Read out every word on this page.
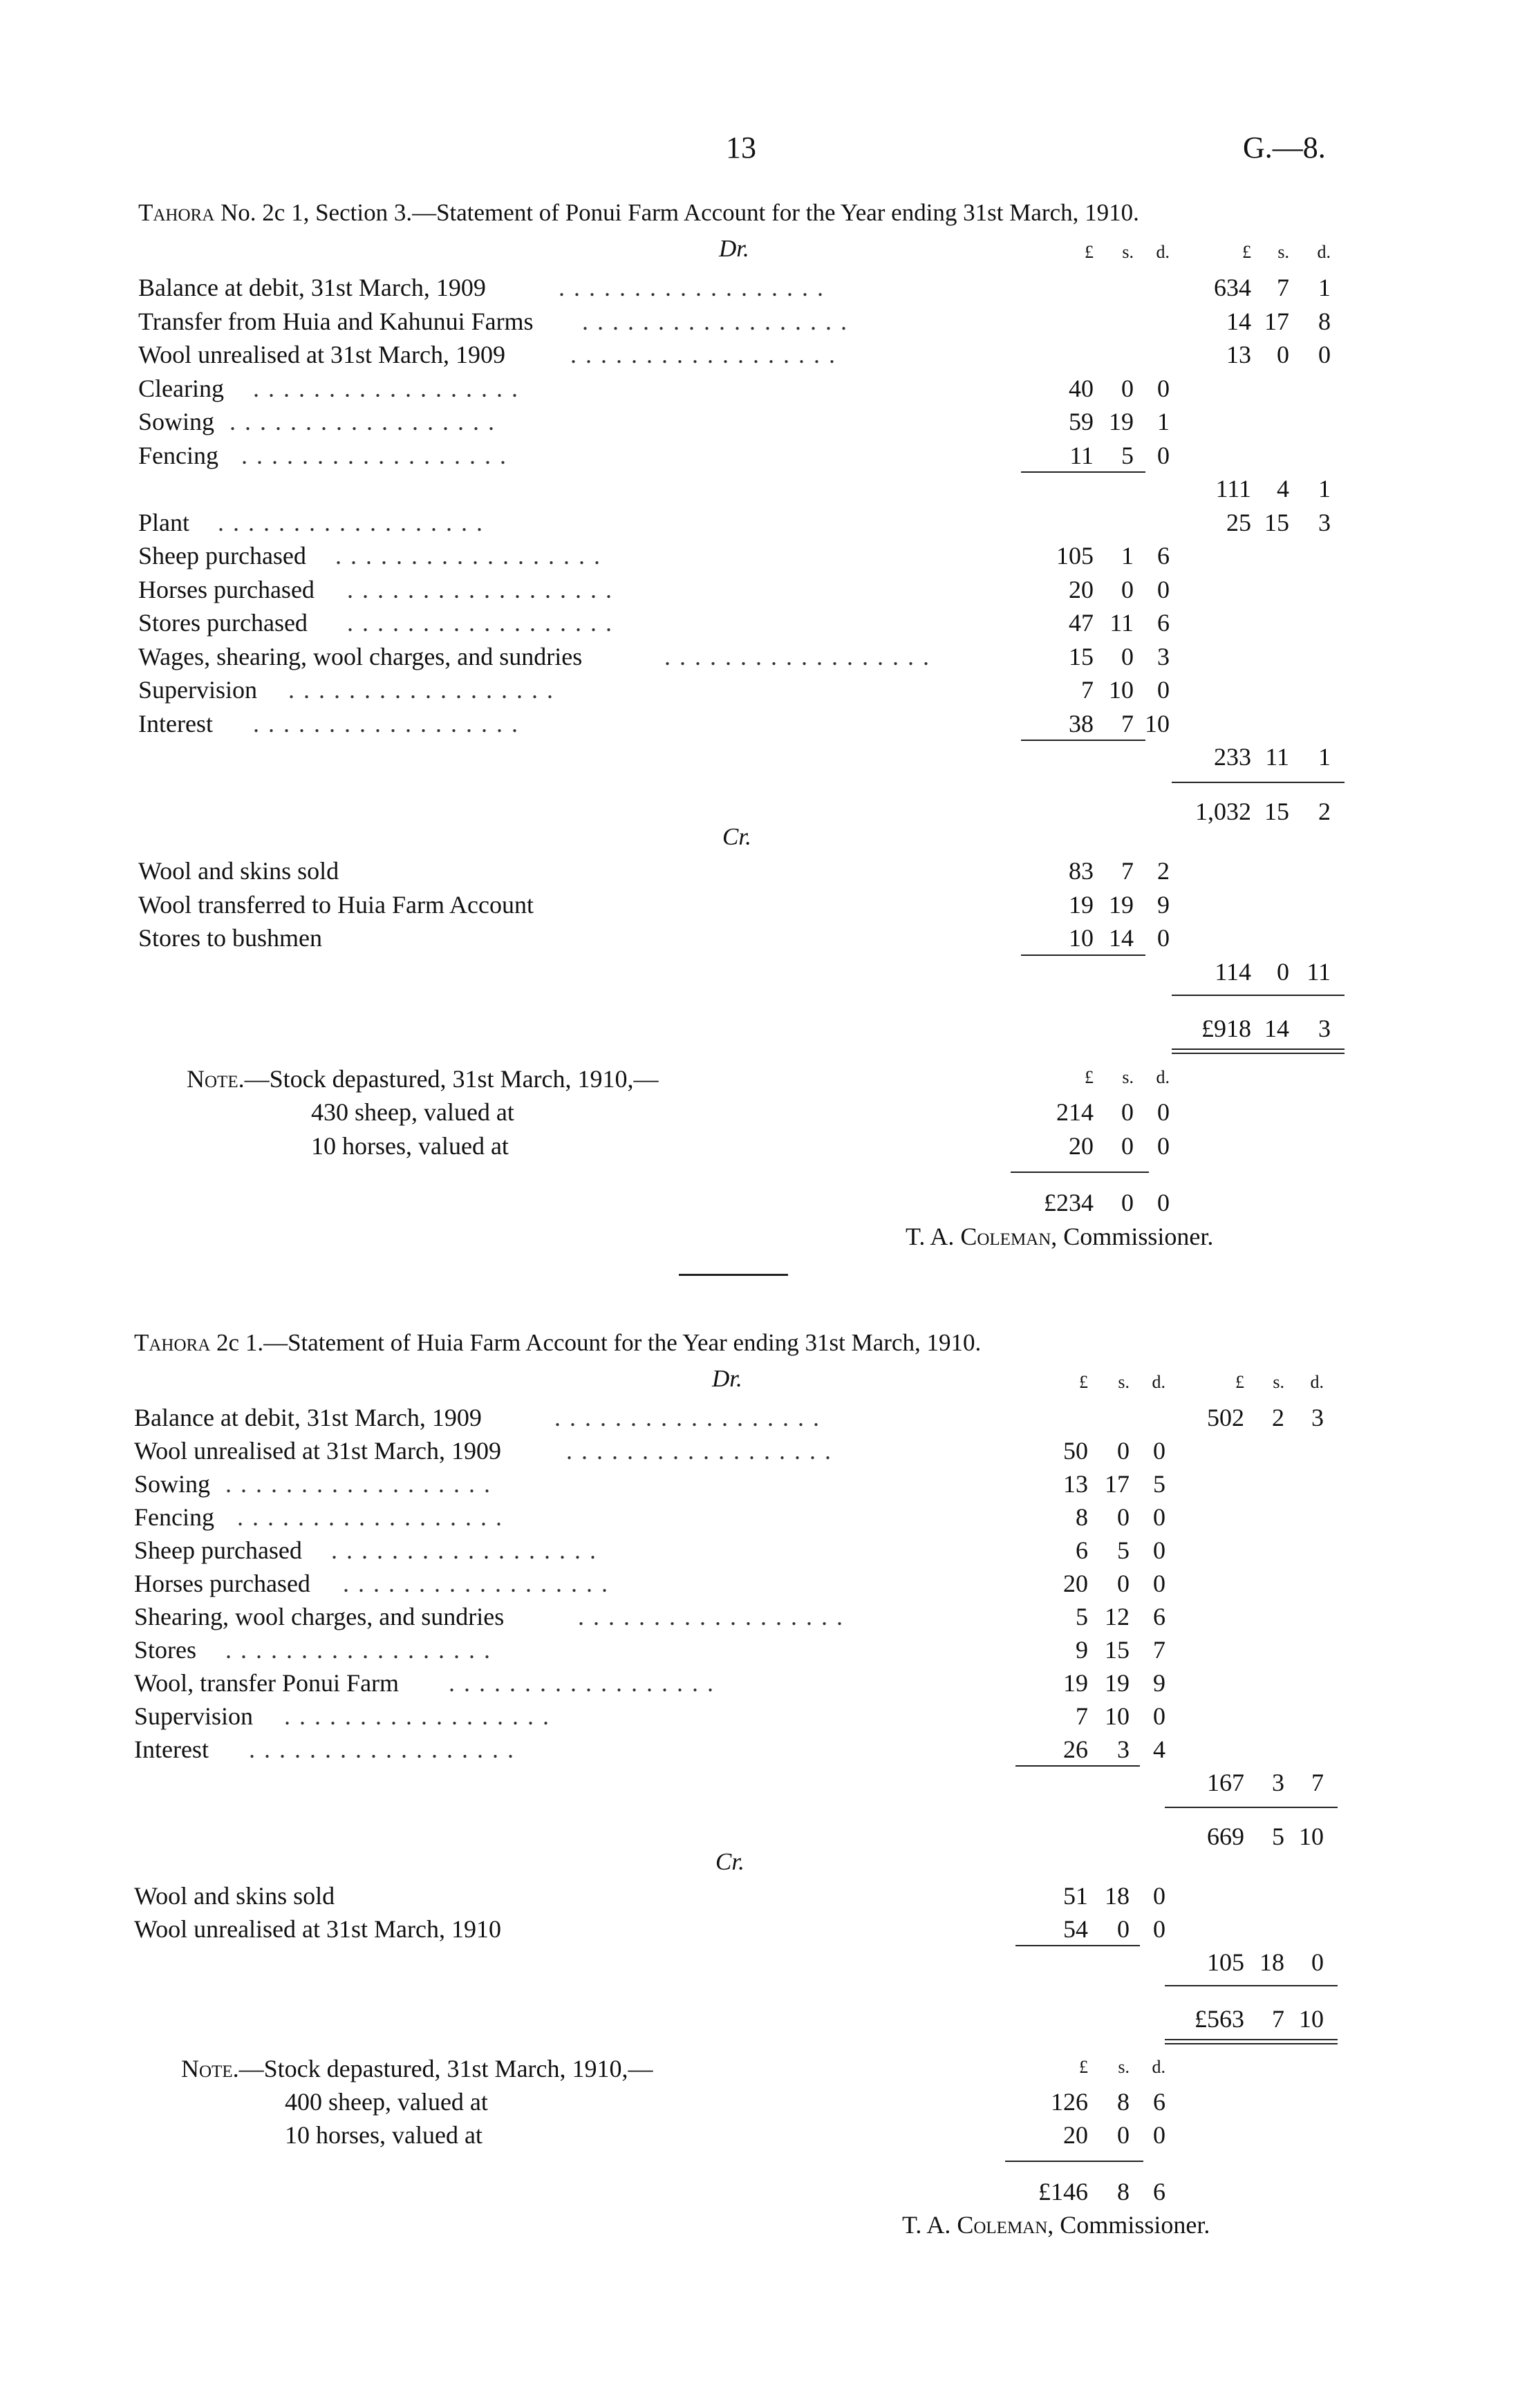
13	G.—8.
Tahora No. 2c 1, Section 3.—Statement of Ponui Farm Account for the Year ending 31st March, 1910.
Dr.	£	s.	d.	£	s.	d.
Balance at debit, 31st March, 1909	. . . . . . . . . . . . . . . . . .	634	7	1
Transfer from Huia and Kahunui Farms . . . . . . . . . . . . . . . . . .	14 17	8
Wool unrealised at 31st March, 1909	. . . . . . . . . . . . . . . . . .	13	0	0
Clearing . . . . . . . . . . . . . . . . . .	40	0 0
Sowing . . . . . . . . . . . . . . . . . .	59 19 1
Fencing . . . . . . . . . . . . . . . . . .	11	5 0
111	4	1
Plant . . . . . . . . . . . . . . . . . .	25 15	3
Sheep purchased . . . . . . . . . . . . . . . . . .	105	1 6
Horses purchased . . . . . . . . . . . . . . . . . .	20	0 0
Stores purchased . . . . . . . . . . . . . . . . . .	47 11 6
Wages, shearing, wool charges, and sundries	. . . . . . . . . . . . . . . . . .	15	0 3
Supervision . . . . . . . . . . . . . . . . . .	7 10 0
Interest . . . . . . . . . . . . . . . . . .	38	7 10
233 11	1
1,032 15	2
Cr.
Wool and skins sold	83	7 2
Wool transferred to Huia Farm Account	19 19 9
Stores to bushmen	10 14 0
114	0 11
£918 14	3
Note.—Stock depastured, 31st March, 1910,—	£	s.	d.
430 sheep, valued at	214	0 0
10 horses, valued at	20	0 0
£234	0 0
T. A. Coleman, Commissioner.
Tahora 2c 1.—Statement of Huia Farm Account for the Year ending 31st March, 1910.
Dr.	£	s.	d.	£	s.	d.
Balance at debit, 31st March, 1909	. . . . . . . . . . . . . . . . . .	502	2	3
Wool unrealised at 31st March, 1909	. . . . . . . . . . . . . . . . . .	50	0 0
Sowing . . . . . . . . . . . . . . . . . .	13 17 5
Fencing . . . . . . . . . . . . . . . . . .	8	0 0
Sheep purchased . . . . . . . . . . . . . . . . . .	6	5 0
Horses purchased . . . . . . . . . . . . . . . . . .	20	0 0
Shearing, wool charges, and sundries	. . . . . . . . . . . . . . . . . .	5 12 6
Stores . . . . . . . . . . . . . . . . . .	9 15 7
Wool, transfer Ponui Farm . . . . . . . . . . . . . . . . . .	19 19 9
Supervision . . . . . . . . . . . . . . . . . .	7 10 0
Interest . . . . . . . . . . . . . . . . . .	26	3 4
167	3	7
669	5 10
Cr.
Wool and skins sold	51 18 0
Wool unrealised at 31st March, 1910	54	0 0
105 18	0
£563	7 10
Note.—Stock depastured, 31st March, 1910,—	£	s.	d.
400 sheep, valued at	126	8 6
10 horses, valued at	20	0 0
£146	8 6
T. A. Coleman, Commissioner.
